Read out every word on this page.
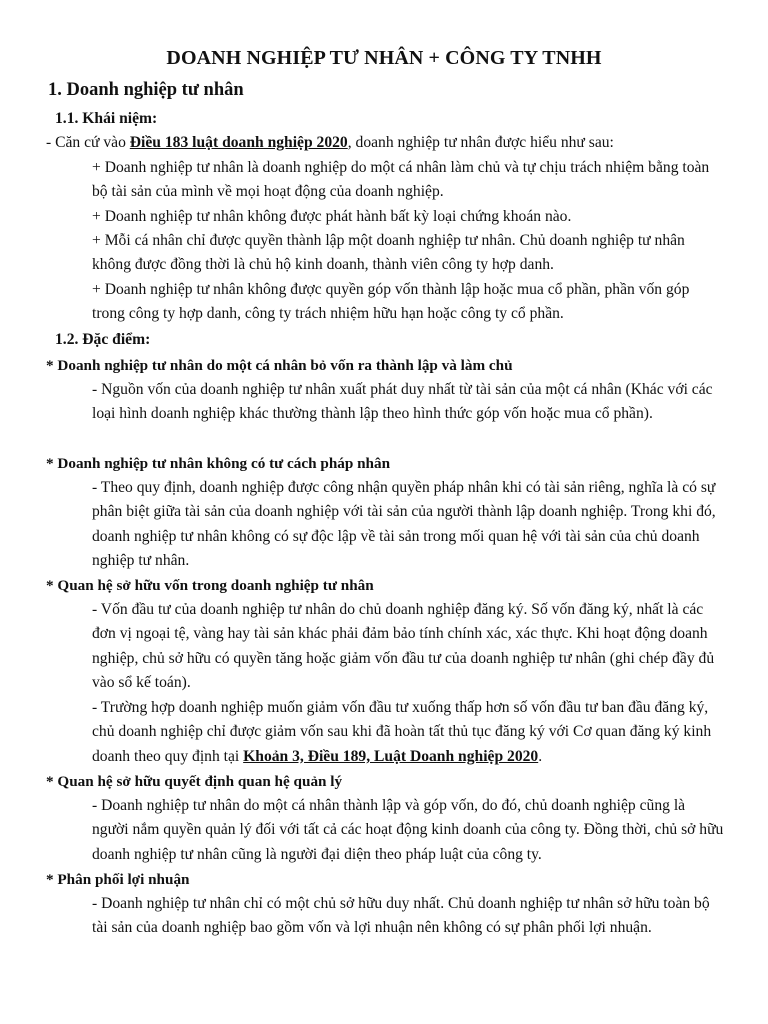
DOANH NGHIỆP TƯ NHÂN + CÔNG TY TNHH
1. Doanh nghiệp tư nhân
1.1. Khái niệm:

- Căn cứ vào Điều 183 luật doanh nghiệp 2020, doanh nghiệp tư nhân được hiểu như sau:

+ Doanh nghiệp tư nhân là doanh nghiệp do một cá nhân làm chủ và tự chịu trách nhiệm bằng toàn bộ tài sản của mình về mọi hoạt động của doanh nghiệp.

+ Doanh nghiệp tư nhân không được phát hành bất kỳ loại chứng khoán nào.

+ Mỗi cá nhân chỉ được quyền thành lập một doanh nghiệp tư nhân. Chủ doanh nghiệp tư nhân không được đồng thời là chủ hộ kinh doanh, thành viên công ty hợp danh.

+ Doanh nghiệp tư nhân không được quyền góp vốn thành lập hoặc mua cổ phần, phần vốn góp trong công ty hợp danh, công ty trách nhiệm hữu hạn hoặc công ty cổ phần.

1.2. Đặc điểm:
* Doanh nghiệp tư nhân do một cá nhân bỏ vốn ra thành lập và làm chủ

- Nguồn vốn của doanh nghiệp tư nhân xuất phát duy nhất từ tài sản của một cá nhân (Khác với các loại hình doanh nghiệp khác thường thành lập theo hình thức góp vốn hoặc mua cổ phần).

* Doanh nghiệp tư nhân không có tư cách pháp nhân

- Theo quy định, doanh nghiệp được công nhận quyền pháp nhân khi có tài sản riêng, nghĩa là có sự phân biệt giữa tài sản của doanh nghiệp với tài sản của người thành lập doanh nghiệp. Trong khi đó, doanh nghiệp tư nhân không có sự độc lập về tài sản trong mối quan hệ với tài sản của chủ doanh nghiệp tư nhân.

* Quan hệ sở hữu vốn trong doanh nghiệp tư nhân

- Vốn đầu tư của doanh nghiệp tư nhân do chủ doanh nghiệp đăng ký. Số vốn đăng ký, nhất là các đơn vị ngoại tệ, vàng hay tài sản khác phải đảm bảo tính chính xác, xác thực. Khi hoạt động doanh nghiệp, chủ sở hữu có quyền tăng hoặc giảm vốn đầu tư của doanh nghiệp tư nhân (ghi chép đầy đủ vào sổ kế toán).

- Trường hợp doanh nghiệp muốn giảm vốn đầu tư xuống thấp hơn số vốn đầu tư ban đầu đăng ký, chủ doanh nghiệp chỉ được giảm vốn sau khi đã hoàn tất thủ tục đăng ký với Cơ quan đăng ký kinh doanh theo quy định tại Khoản 3, Điều 189, Luật Doanh nghiệp 2020.

* Quan hệ sở hữu quyết định quan hệ quản lý

- Doanh nghiệp tư nhân do một cá nhân thành lập và góp vốn, do đó, chủ doanh nghiệp cũng là người nắm quyền quản lý đối với tất cả các hoạt động kinh doanh của công ty. Đồng thời, chủ sở hữu doanh nghiệp tư nhân cũng là người đại diện theo pháp luật của công ty.

* Phân phối lợi nhuận

- Doanh nghiệp tư nhân chỉ có một chủ sở hữu duy nhất. Chủ doanh nghiệp tư nhân sở hữu toàn bộ tài sản của doanh nghiệp bao gồm vốn và lợi nhuận nên không có sự phân phối lợi nhuận.
